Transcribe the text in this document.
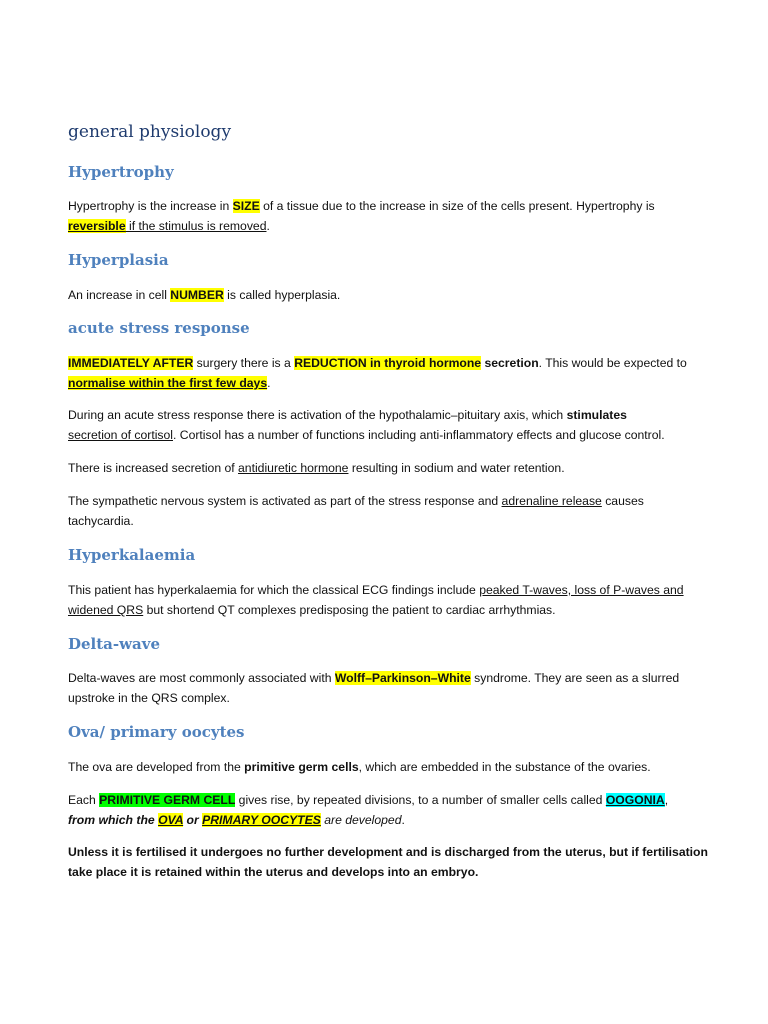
general physiology
Hypertrophy

Hypertrophy is the increase in SIZE of a tissue due to the increase in size of the cells present. Hypertrophy is
reversible if the stimulus is removed.

Hyperplasia

An increase in cell NUMBER is called hyperplasia.

acute stress response

IMMEDIATELY AFTER surgery there is a REDUCTION in thyroid hormone secretion. This would be expected to
normalise within the first few days.

During an acute stress response there is activation of the hypothalamic–pituitary axis, which stimulates
secretion of cortisol. Cortisol has a number of functions including anti-inflammatory effects and glucose control.

There is increased secretion of antidiuretic hormone resulting in sodium and water retention.

The sympathetic nervous system is activated as part of the stress response and adrenaline release causes tachycardia.

Hyperkalaemia

This patient has hyperkalaemia for which the classical ECG findings include peaked T-waves, loss of P-waves and
widened QRS but shortend QT complexes predisposing the patient to cardiac arrhythmias.

Delta-wave

Delta-waves are most commonly associated with Wolff–Parkinson–White syndrome. They are seen as a slurred upstroke in the QRS complex.

Ova/ primary oocytes

The ova are developed from the primitive germ cells, which are embedded in the substance of the ovaries.

Each PRIMITIVE GERM CELL gives rise, by repeated divisions, to a number of smaller cells called OOGONIA,
from which the OVA or PRIMARY OOCYTES are developed.

Unless it is fertilised it undergoes no further development and is discharged from the uterus, but if fertilisation take place it is retained within the uterus and develops into an embryo.
